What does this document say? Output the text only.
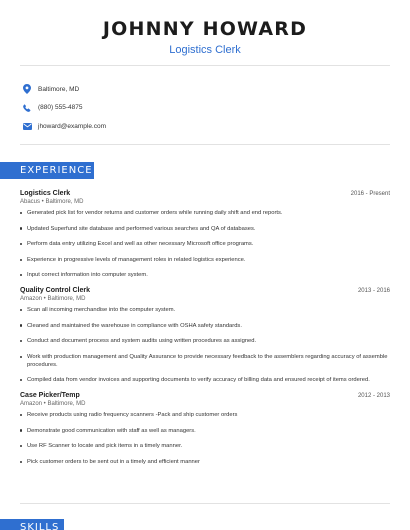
JOHNNY HOWARD
Logistics Clerk
Baltimore, MD
(880) 555-4875
jhoward@example.com
EXPERIENCE
Logistics Clerk	2016 - Present
Abacus • Baltimore, MD
Generated pick list for vendor returns and customer orders while running daily shift and end reports.
Updated Superfund site database and performed various searches and QA of databases.
Perform data entry utilizing Excel and well as other necessary Microsoft office programs.
Experience in progressive levels of management roles in related logistics experience.
Input correct information into computer system.
Quality Control Clerk	2013 - 2016
Amazon • Baltimore, MD
Scan all incoming merchandise into the computer system.
Cleaned and maintained the warehouse in compliance with OSHA safety standards.
Conduct and document process and system audits using written procedures as assigned.
Work with production management and Quality Assurance to provide necessary feedback to the assemblers regarding accuracy of assemble procedures.
Compiled data from vendor invoices and supporting documents to verify accuracy of billing data and ensured receipt of items ordered.
Case Picker/Temp	2012 - 2013
Amazon • Baltimore, MD
Receive products using radio frequency scanners -Pack and ship customer orders
Demonstrate good communication with staff as well as managers.
Use RF Scanner to locate and pick items in a timely manner.
Pick customer orders to be sent out in a timely and efficient manner
SKILLS
